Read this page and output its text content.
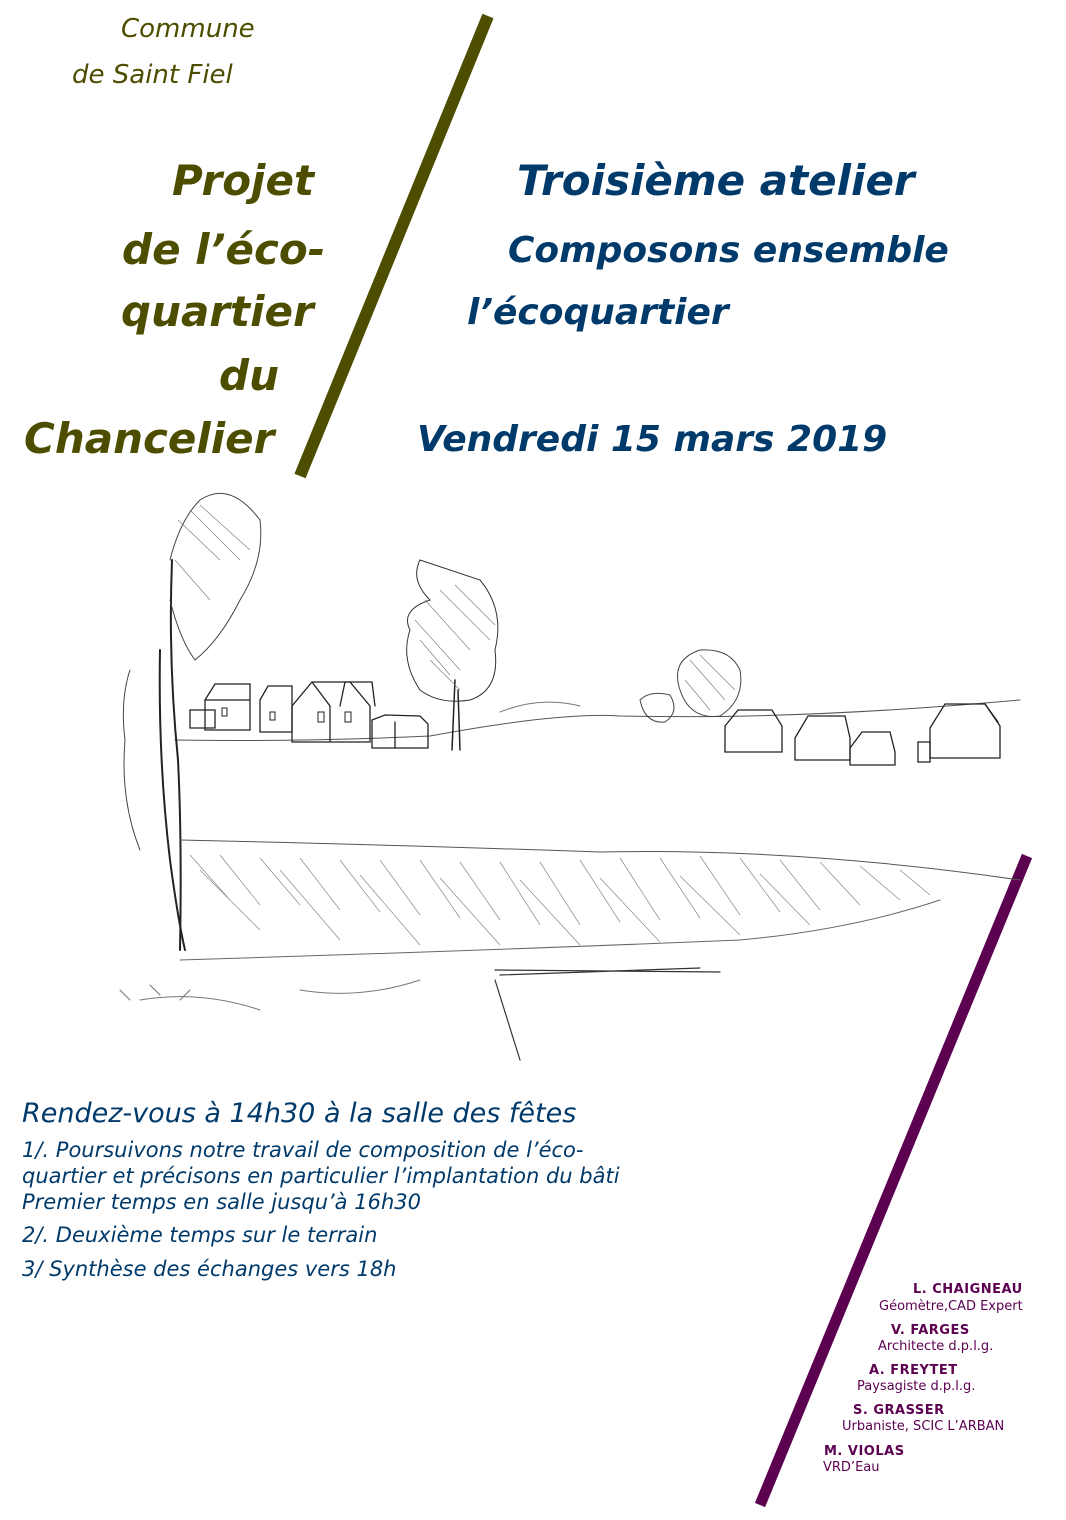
Commune
de Saint Fiel
Projet
de l’éco-
quartier
du
Chancelier
Troisième atelier
Composons ensemble
l’écoquartier
Vendredi 15 mars 2019
Rendez-vous à 14h30 à la salle des fêtes
1/. Poursuivons notre travail de composition de l’éco-
quartier et précisons en particulier l’implantation du bâti
Premier temps en salle jusqu’à 16h30
2/. Deuxième temps sur le terrain
3/ Synthèse des échanges vers 18h
L. CHAIGNEAU
Géomètre,CAD Expert
V. FARGES
Architecte d.p.l.g.
A. FREYTET
Paysagiste d.p.l.g.
S. GRASSER
Urbaniste, SCIC L’ARBAN
M. VIOLAS
VRD’Eau
